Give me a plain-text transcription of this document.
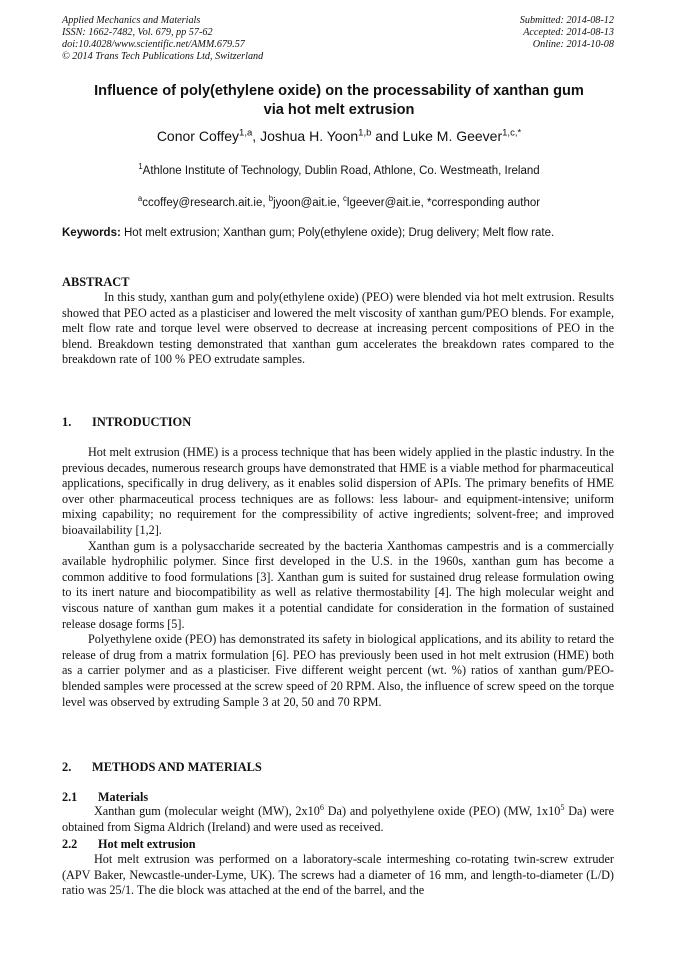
Applied Mechanics and Materials
ISSN: 1662-7482, Vol. 679, pp 57-62
doi:10.4028/www.scientific.net/AMM.679.57
© 2014 Trans Tech Publications Ltd, Switzerland
Submitted: 2014-08-12
Accepted: 2014-08-13
Online: 2014-10-08
Influence of poly(ethylene oxide) on the processability of xanthan gum
via hot melt extrusion
Conor Coffey$^{1,a}$, Joshua H. Yoon$^{1,b}$ and Luke M. Geever$^{1,c,*}$
$^1$Athlone Institute of Technology, Dublin Road, Athlone, Co. Westmeath, Ireland
$^a$ccoffey@research.ait.ie, $^b$jyoon@ait.ie, $^c$lgeever@ait.ie, *corresponding author
Keywords: Hot melt extrusion; Xanthan gum; Poly(ethylene oxide); Drug delivery; Melt flow rate.
ABSTRACT

In this study, xanthan gum and poly(ethylene oxide) (PEO) were blended via hot melt extrusion. Results showed that PEO acted as a plasticiser and lowered the melt viscosity of xanthan gum/PEO blends. For example, melt flow rate and torque level were observed to decrease at increasing percent compositions of PEO in the blend. Breakdown testing demonstrated that xanthan gum accelerates the breakdown rates compared to the breakdown rate of 100 % PEO extrudate samples.

1. INTRODUCTION

Hot melt extrusion (HME) is a process technique that has been widely applied in the plastic industry. In the previous decades, numerous research groups have demonstrated that HME is a viable method for pharmaceutical applications, specifically in drug delivery, as it enables solid dispersion of APIs. The primary benefits of HME over other pharmaceutical process techniques are as follows: less labour- and equipment-intensive; uniform mixing capability; no requirement for the compressibility of active ingredients; solvent-free; and improved bioavailability [1,2].

Xanthan gum is a polysaccharide secreated by the bacteria Xanthomas campestris and is a commercially available hydrophilic polymer. Since first developed in the U.S. in the 1960s, xanthan gum has become a common additive to food formulations [3]. Xanthan gum is suited for sustained drug release formulation owing to its inert nature and biocompatibility as well as relative thermostability [4]. The high molecular weight and viscous nature of xanthan gum makes it a potential candidate for consideration in the formation of sustained release dosage forms [5].

Polyethylene oxide (PEO) has demonstrated its safety in biological applications, and its ability to retard the release of drug from a matrix formulation [6]. PEO has previously been used in hot melt extrusion (HME) both as a carrier polymer and as a plasticiser. Five different weight percent (wt. %) ratios of xanthan gum/PEO-blended samples were processed at the screw speed of 20 RPM. Also, the influence of screw speed on the torque level was observed by extruding Sample 3 at 20, 50 and 70 RPM.

2. METHODS AND MATERIALS
2.1 Materials

Xanthan gum (molecular weight (MW), $2x10^6$ Da) and polyethylene oxide (PEO) (MW, $1x10^5$ Da) were obtained from Sigma Aldrich (Ireland) and were used as received.

2.2 Hot melt extrusion

Hot melt extrusion was performed on a laboratory-scale intermeshing co-rotating twin-screw extruder (APV Baker, Newcastle-under-Lyme, UK). The screws had a diameter of 16 mm, and length-to-diameter (L/D) ratio was 25/1. The die block was attached at the end of the barrel, and the
